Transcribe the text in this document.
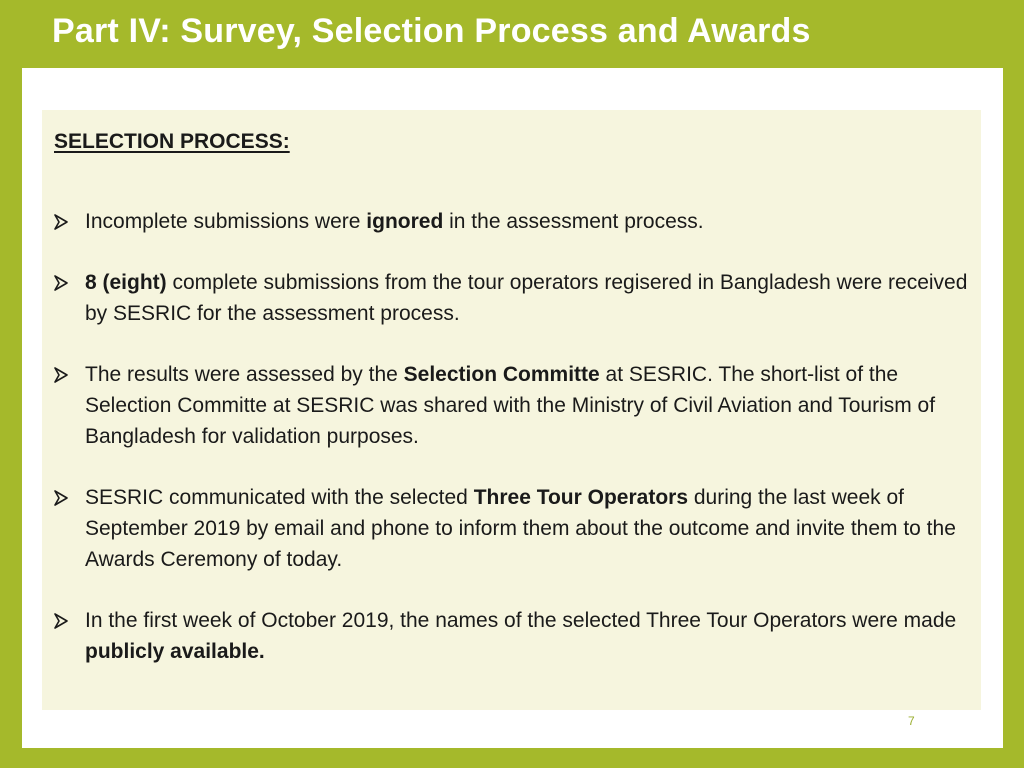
Part IV: Survey, Selection Process and Awards
SELECTION PROCESS:
Incomplete submissions were ignored in the assessment process.
8 (eight) complete submissions from the tour operators regisered in Bangladesh were received by SESRIC for the assessment process.
The results were assessed by the Selection Committe at SESRIC. The short-list of the Selection Committe at SESRIC was shared with the Ministry of Civil Aviation and Tourism of Bangladesh for validation purposes.
SESRIC communicated with the selected Three Tour Operators during the last week of September 2019 by email and phone to inform them about the outcome and invite them to the Awards Ceremony of today.
In the first week of October 2019, the names of the selected Three Tour Operators were made publicly available.
7
